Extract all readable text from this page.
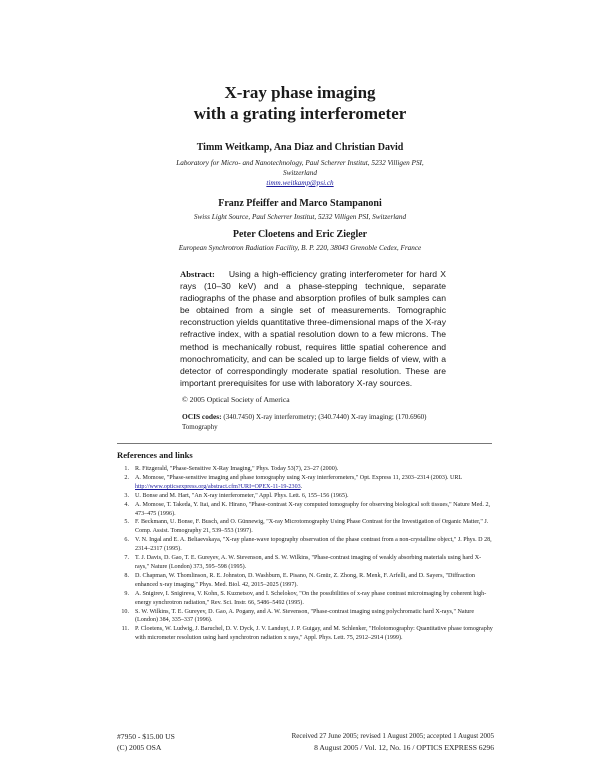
X-ray phase imaging
with a grating interferometer
Timm Weitkamp, Ana Diaz and Christian David
Laboratory for Micro- and Nanotechnology, Paul Scherrer Institut, 5232 Villigen PSI, Switzerland
timm.weitkamp@psi.ch
Franz Pfeiffer and Marco Stampanoni
Swiss Light Source, Paul Scherrer Institut, 5232 Villigen PSI, Switzerland
Peter Cloetens and Eric Ziegler
European Synchrotron Radiation Facility, B. P. 220, 38043 Grenoble Cedex, France
Abstract: Using a high-efficiency grating interferometer for hard X rays (10–30 keV) and a phase-stepping technique, separate radiographs of the phase and absorption profiles of bulk samples can be obtained from a single set of measurements. Tomographic reconstruction yields quantitative three-dimensional maps of the X-ray refractive index, with a spatial resolution down to a few microns. The method is mechanically robust, requires little spatial coherence and monochromaticity, and can be scaled up to large fields of view, with a detector of correspondingly moderate spatial resolution. These are important prerequisites for use with laboratory X-ray sources.
© 2005 Optical Society of America
OCIS codes: (340.7450) X-ray interferometry; (340.7440) X-ray imaging; (170.6960) Tomography
References and links
1. R. Fitzgerald, "Phase-Sensitive X-Ray Imaging," Phys. Today 53(7), 23–27 (2000).
2. A. Momose, "Phase-sensitive imaging and phase tomography using X-ray interferometers," Opt. Express 11, 2303–2314 (2003). URL http://www.opticsexpress.org/abstract.cfm?URI=OPEX-11-19-2303.
3. U. Bonse and M. Hart, "An X-ray interferometer," Appl. Phys. Lett. 6, 155–156 (1965).
4. A. Momose, T. Takeda, Y. Itai, and K. Hirano, "Phase-contrast X-ray computed tomography for observing biological soft tissues," Nature Med. 2, 473–475 (1996).
5. F. Beckmann, U. Bonse, F. Busch, and O. Günnewig, "X-ray Microtomography Using Phase Contrast for the Investigation of Organic Matter," J. Comp. Assist. Tomography 21, 539–553 (1997).
6. V. N. Ingal and E. A. Beliaevskaya, "X-ray plane-wave topography observation of the phase contrast from a non-crystalline object," J. Phys. D 28, 2314–2317 (1995).
7. T. J. Davis, D. Gao, T. E. Gureyev, A. W. Stevenson, and S. W. Wilkins, "Phase-contrast imaging of weakly absorbing materials using hard X-rays," Nature (London) 373, 595–598 (1995).
8. D. Chapman, W. Thomlinson, R. E. Johnston, D. Washburn, E. Pisano, N. Gmür, Z. Zhong, R. Menk, F. Arfelli, and D. Sayers, "Diffraction enhanced x-ray imaging," Phys. Med. Biol. 42, 2015–2025 (1997).
9. A. Snigirev, I. Snigireva, V. Kohn, S. Kuznetsov, and I. Schelokov, "On the possibilities of x-ray phase contrast microimaging by coherent high-energy synchrotron radiation," Rev. Sci. Instr. 66, 5486–5492 (1995).
10. S. W. Wilkins, T. E. Gureyev, D. Gao, A. Pogany, and A. W. Stevenson, "Phase-contrast imaging using polychromatic hard X-rays," Nature (London) 384, 335–337 (1996).
11. P. Cloetens, W. Ludwig, J. Baruchel, D. V. Dyck, J. V. Landuyt, J. P. Guigay, and M. Schlenker, "Holotomography: Quantitative phase tomography with micrometer resolution using hard synchrotron radiation x rays," Appl. Phys. Lett. 75, 2912–2914 (1999).
#7950 - $15.00 US
(C) 2005 OSA
Received 27 June 2005; revised 1 August 2005; accepted 1 August 2005
8 August 2005 / Vol. 12, No. 16 / OPTICS EXPRESS 6296
